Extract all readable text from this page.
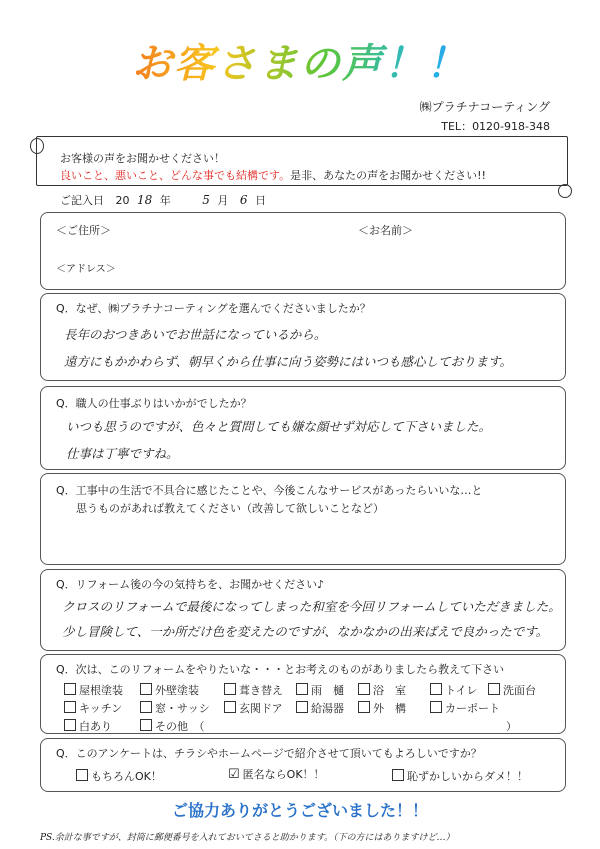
お客さまの声！！
㈱プラチナコーティング
TEL：0120-918-348
お客様の声をお聞かせください！
良いこと、悪いこと、どんな事でも結構です。是非、あなたの声をお聞かせください!!
ご記入日 20 18 年	5 月 6 日
＜ご住所＞	＜お名前＞
＜アドレス＞
Q．なぜ、㈱プラチナコーティングを選んでくださいましたか？
長年のおつきあいでお世話になっているから。
遠方にもかかわらず、朝早くから仕事に向う姿勢にはいつも感心しております。
Q．職人の仕事ぶりはいかがでしたか？
いつも思うのですが、色々と質問しても嫌な顔せず対応して下さいました。
仕事は丁寧ですね。
Q．工事中の生活で不具合に感じたことや、今後こんなサービスがあったらいいな…と
思うものがあれば教えてください（改善して欲しいことなど）
Q．リフォーム後の今の気持ちを、お聞かせください♪
クロスのリフォームで最後になってしまった和室を今回リフォームしていただきました。
少し冒険して、一か所だけ色を変えたのですが、なかなかの出来ばえで良かったです。
Q．次は、このリフォームをやりたいな・・・とお考えのものがありましたら教えて下さい
屋根塗装	外壁塗装	葺き替え	雨　樋	浴　室	トイレ	洗面台
キッチン	窓・サッシ	玄関ドア	給湯器	外　構	カーポート
白あり	その他　（	）
Q．このアンケートは、チラシやホームページで紹介させて頂いてもよろしいですか？
もちろんOK！	☑ 匿名ならOK！！	恥ずかしいからダメ！！
ご協力ありがとうございました！！
PS.余計な事ですが、封筒に郵便番号を入れておいてさると助かります。（下の方にはありますけど…）
